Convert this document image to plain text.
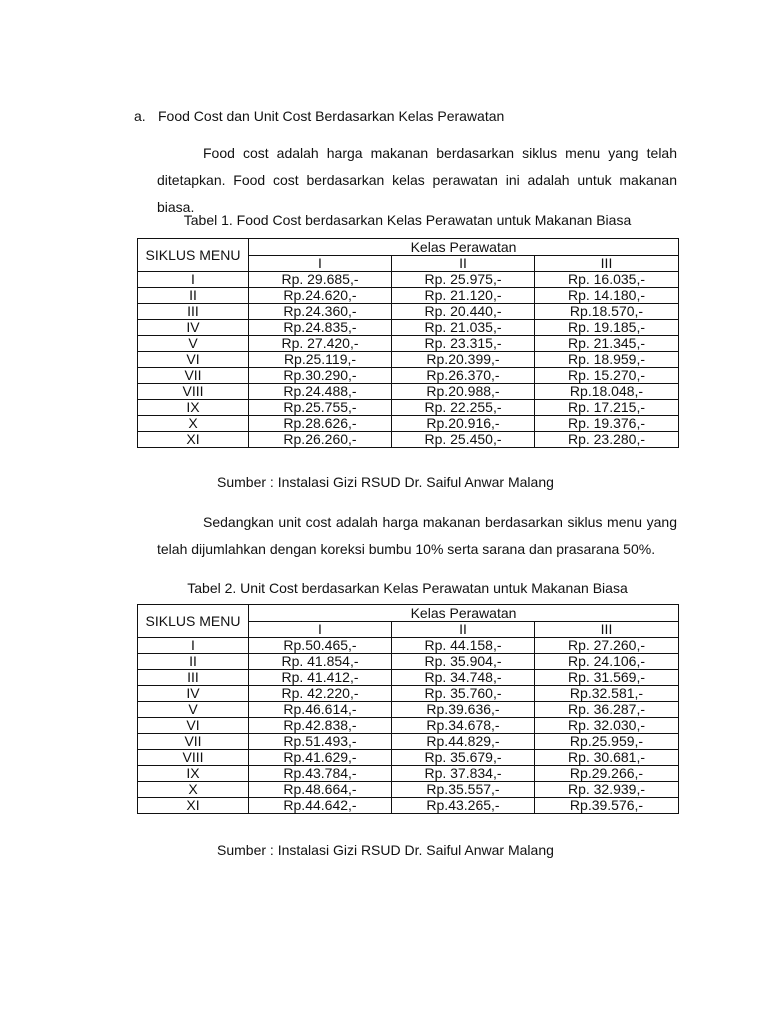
a. Food Cost dan Unit Cost Berdasarkan Kelas Perawatan

Food cost adalah harga makanan berdasarkan siklus menu yang telah ditetapkan. Food cost berdasarkan kelas perawatan ini adalah untuk makanan biasa.

Tabel 1. Food Cost berdasarkan Kelas Perawatan untuk Makanan Biasa
SIKLUS MENU	Kelas Perawatan		
	I	II	III
I	Rp. 29.685,-	Rp. 25.975,-	Rp. 16.035,-
II	Rp.24.620,-	Rp. 21.120,-	Rp. 14.180,-
III	Rp.24.360,-	Rp. 20.440,-	Rp.18.570,-
IV	Rp.24.835,-	Rp. 21.035,-	Rp. 19.185,-
V	Rp. 27.420,-	Rp. 23.315,-	Rp. 21.345,-
VI	Rp.25.119,-	Rp.20.399,-	Rp. 18.959,-
VII	Rp.30.290,-	Rp.26.370,-	Rp. 15.270,-
VIII	Rp.24.488,-	Rp.20.988,-	Rp.18.048,-
IX	Rp.25.755,-	Rp. 22.255,-	Rp. 17.215,-
X	Rp.28.626,-	Rp.20.916,-	Rp. 19.376,-
XI	Rp.26.260,-	Rp. 25.450,-	Rp. 23.280,-
Sumber : Instalasi Gizi RSUD Dr. Saiful Anwar Malang

Sedangkan unit cost adalah harga makanan berdasarkan siklus menu yang telah dijumlahkan dengan koreksi bumbu 10% serta sarana dan prasarana 50%.

Tabel 2. Unit Cost berdasarkan Kelas Perawatan untuk Makanan Biasa
SIKLUS MENU	Kelas Perawatan		
	I	II	III
I	Rp.50.465,-	Rp. 44.158,-	Rp. 27.260,-
II	Rp. 41.854,-	Rp. 35.904,-	Rp. 24.106,-
III	Rp. 41.412,-	Rp. 34.748,-	Rp. 31.569,-
IV	Rp. 42.220,-	Rp. 35.760,-	Rp.32.581,-
V	Rp.46.614,-	Rp.39.636,-	Rp. 36.287,-
VI	Rp.42.838,-	Rp.34.678,-	Rp. 32.030,-
VII	Rp.51.493,-	Rp.44.829,-	Rp.25.959,-
VIII	Rp.41.629,-	Rp. 35.679,-	Rp. 30.681,-
IX	Rp.43.784,-	Rp. 37.834,-	Rp.29.266,-
X	Rp.48.664,-	Rp.35.557,-	Rp. 32.939,-
XI	Rp.44.642,-	Rp.43.265,-	Rp.39.576,-
Sumber : Instalasi Gizi RSUD Dr. Saiful Anwar Malang
